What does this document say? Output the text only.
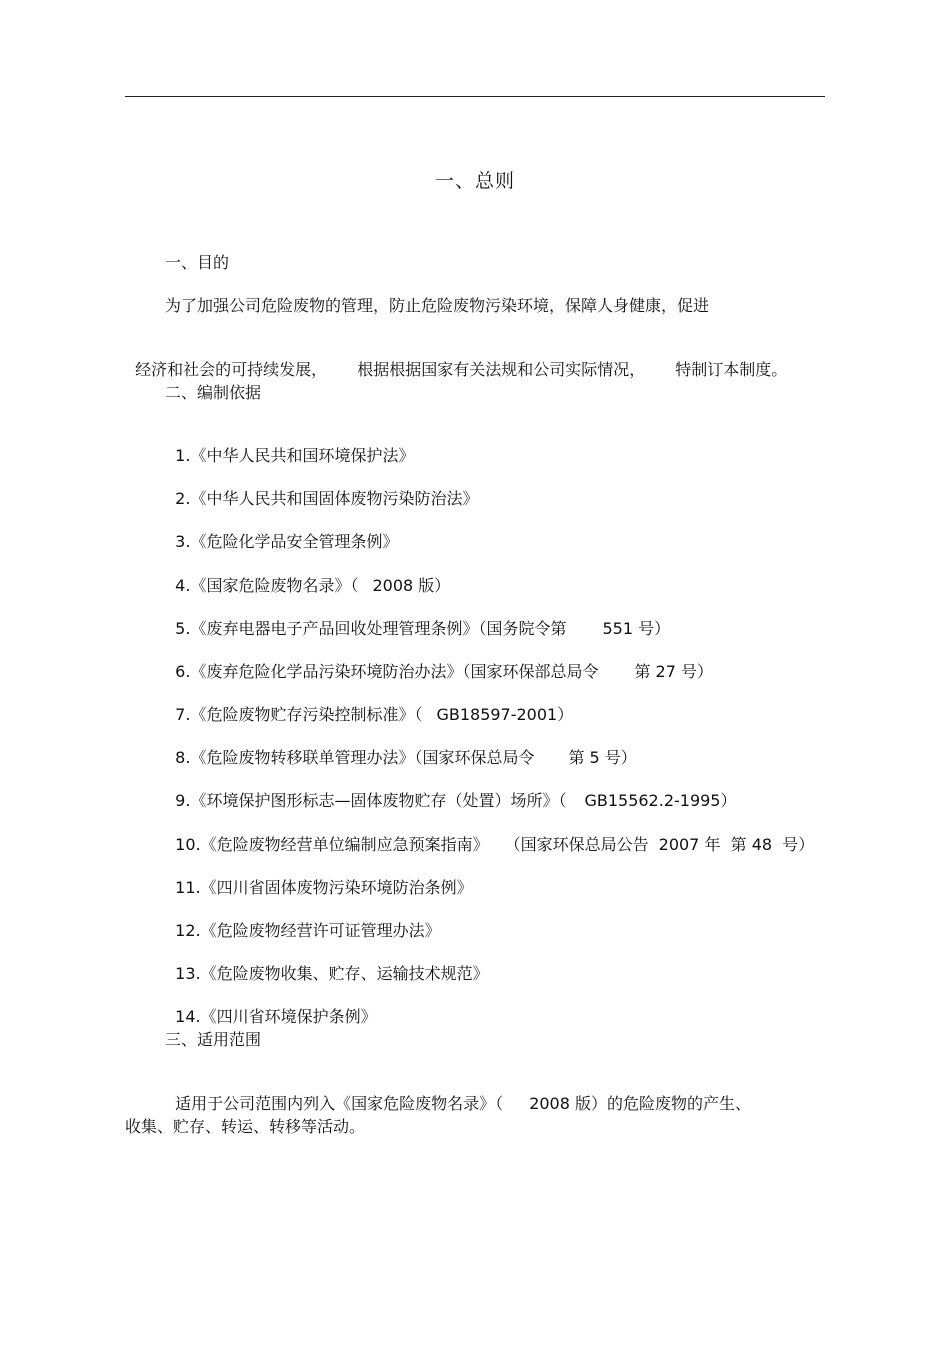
一、总则
一、目的
为了加强公司危险废物的管理，防止危险废物污染环境，保障人身健康，促进

经济和社会的可持续发展， 根据根据国家有关法规和公司实际情况， 特制订本制度。

二、编制依据

1.《中华人民共和国环境保护法》

2.《中华人民共和国固体废物污染防治法》

3.《危险化学品安全管理条例》

4.《国家危险废物名录》（ 2008 版）

5.《废弃电器电子产品回收处理管理条例》（国务院令第 551 号）

6.《废弃危险化学品污染环境防治办法》（国家环保部总局令 第 27 号）

7.《危险废物贮存污染控制标准》（ GB18597-2001）

8.《危险废物转移联单管理办法》（国家环保总局令 第 5 号）

9.《环境保护图形标志—固体废物贮存（处置）场所》（ GB15562.2-1995）

10.《危险废物经营单位编制应急预案指南》 （国家环保总局公告 2007 年  第 48  号）

11.《四川省固体废物污染环境防治条例》

12.《危险废物经营许可证管理办法》

13.《危险废物收集、贮存、运输技术规范》

14.《四川省环境保护条例》

三、适用范围

适用于公司范围内列入《国家危险废物名录》（ 2008 版）的危险废物的产生、

收集、贮存、转运、转移等活动。
